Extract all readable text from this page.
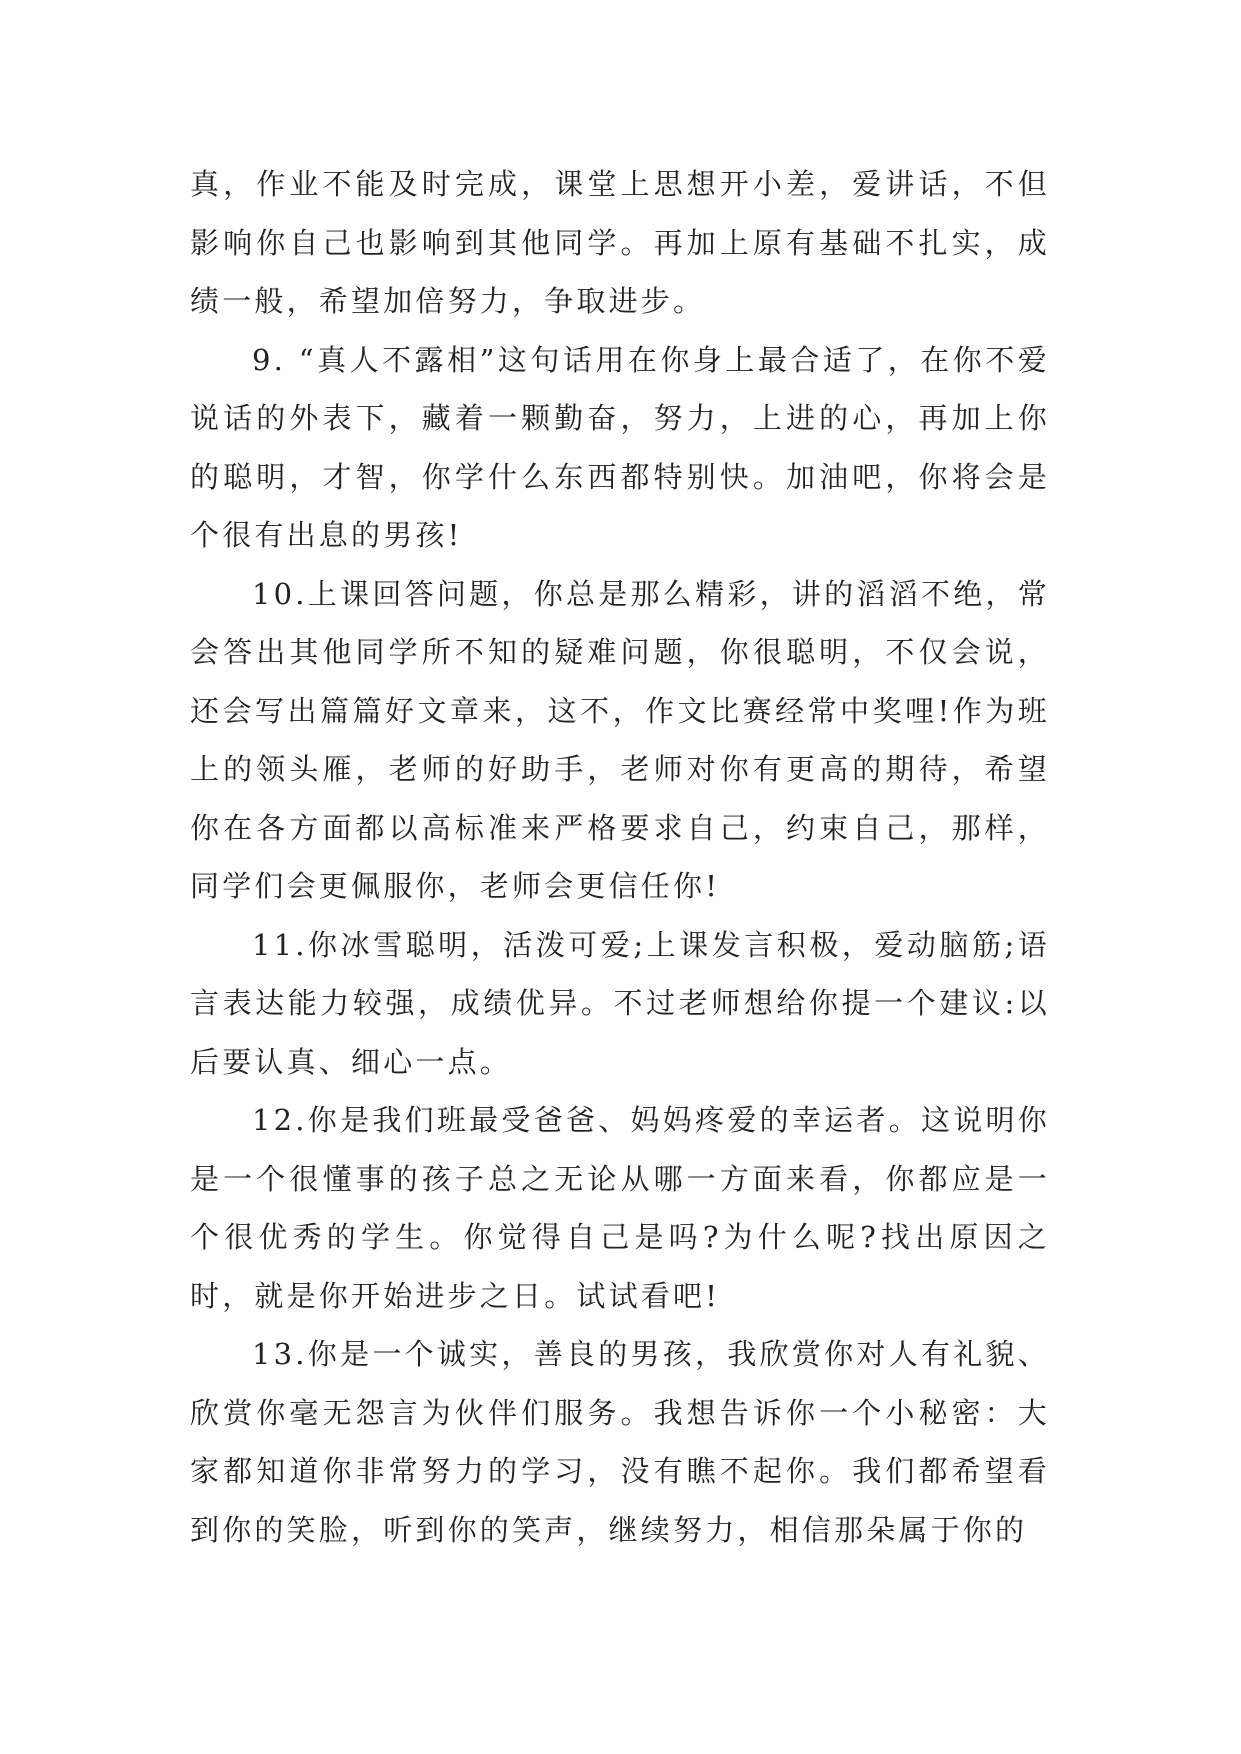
真，作业不能及时完成，课堂上思想开小差，爱讲话，不但影响你自己也影响到其他同学。再加上原有基础不扎实，成绩一般，希望加倍努力，争取进步。

9. “真人不露相”这句话用在你身上最合适了，在你不爱说话的外表下，藏着一颗勤奋，努力，上进的心，再加上你的聪明，才智，你学什么东西都特别快。加油吧，你将会是个很有出息的男孩!

10.上课回答问题，你总是那么精彩，讲的滔滔不绝，常会答出其他同学所不知的疑难问题，你很聪明，不仅会说，还会写出篇篇好文章来，这不，作文比赛经常中奖哩!作为班上的领头雁，老师的好助手，老师对你有更高的期待，希望你在各方面都以高标准来严格要求自己，约束自己，那样，同学们会更佩服你，老师会更信任你!

11.你冰雪聪明，活泼可爱;上课发言积极，爱动脑筋;语言表达能力较强，成绩优异。不过老师想给你提一个建议:以后要认真、细心一点。

12.你是我们班最受爸爸、妈妈疼爱的幸运者。这说明你是一个很懂事的孩子总之无论从哪一方面来看，你都应是一个很优秀的学生。你觉得自己是吗?为什么呢?找出原因之时，就是你开始进步之日。试试看吧!

13.你是一个诚实，善良的男孩，我欣赏你对人有礼貌、欣赏你毫无怨言为伙伴们服务。我想告诉你一个小秘密：大家都知道你非常努力的学习，没有瞧不起你。我们都希望看到你的笑脸，听到你的笑声，继续努力，相信那朵属于你的
